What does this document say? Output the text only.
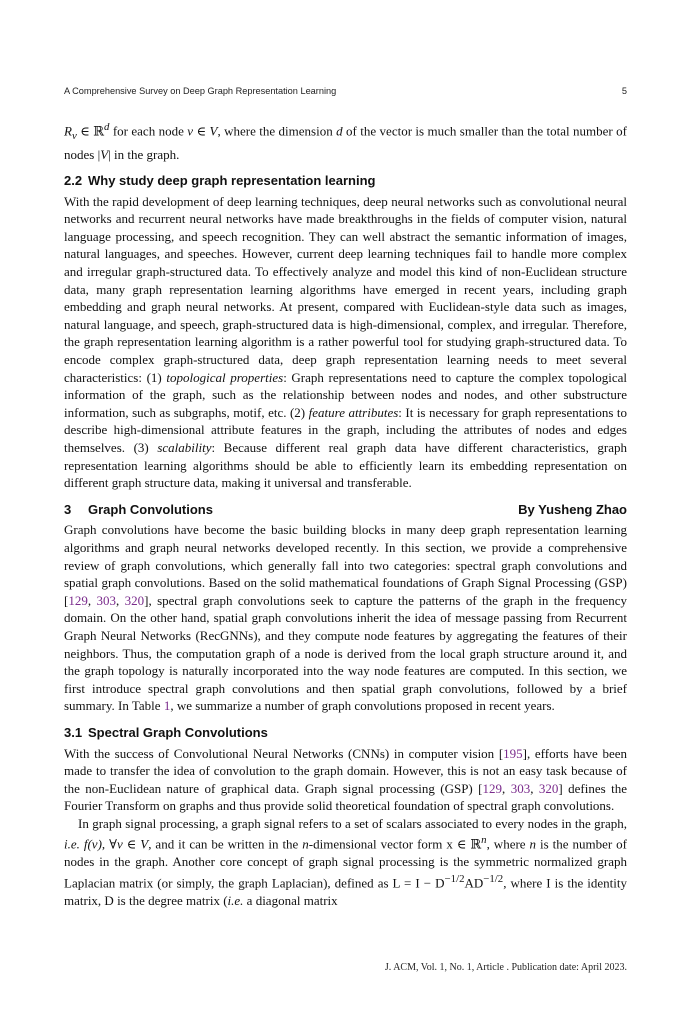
A Comprehensive Survey on Deep Graph Representation Learning	5

$R_v$ ∈ ℝ$^d$ for each node v ∈ V, where the dimension d of the vector is much smaller than the total number of nodes |V| in the graph.

2.2 Why study deep graph representation learning

With the rapid development of deep learning techniques, deep neural networks such as convolutional neural networks and recurrent neural networks have made breakthroughs in the fields of computer vision, natural language processing, and speech recognition. They can well abstract the semantic information of images, natural languages, and speeches. However, current deep learning techniques fail to handle more complex and irregular graph-structured data. To effectively analyze and model this kind of non-Euclidean structure data, many graph representation learning algorithms have emerged in recent years, including graph embedding and graph neural networks. At present, compared with Euclidean-style data such as images, natural language, and speech, graph-structured data is high-dimensional, complex, and irregular. Therefore, the graph representation learning algorithm is a rather powerful tool for studying graph-structured data. To encode complex graph-structured data, deep graph representation learning needs to meet several characteristics: (1) topological properties: Graph representations need to capture the complex topological information of the graph, such as the relationship between nodes and nodes, and other substructure information, such as subgraphs, motif, etc. (2) feature attributes: It is necessary for graph representations to describe high-dimensional attribute features in the graph, including the attributes of nodes and edges themselves. (3) scalability: Because different real graph data have different characteristics, graph representation learning algorithms should be able to efficiently learn its embedding representation on different graph structure data, making it universal and transferable.

3 Graph Convolutions	By Yusheng Zhao

Graph convolutions have become the basic building blocks in many deep graph representation learning algorithms and graph neural networks developed recently. In this section, we provide a comprehensive review of graph convolutions, which generally fall into two categories: spectral graph convolutions and spatial graph convolutions. Based on the solid mathematical foundations of Graph Signal Processing (GSP)[129, 303, 320], spectral graph convolutions seek to capture the patterns of the graph in the frequency domain. On the other hand, spatial graph convolutions inherit the idea of message passing from Recurrent Graph Neural Networks (RecGNNs), and they compute node features by aggregating the features of their neighbors. Thus, the computation graph of a node is derived from the local graph structure around it, and the graph topology is naturally incorporated into the way node features are computed. In this section, we first introduce spectral graph convolutions and then spatial graph convolutions, followed by a brief summary. In Table 1, we summarize a number of graph convolutions proposed in recent years.

3.1 Spectral Graph Convolutions

With the success of Convolutional Neural Networks (CNNs) in computer vision [195], efforts have been made to transfer the idea of convolution to the graph domain. However, this is not an easy task because of the non-Euclidean nature of graphical data. Graph signal processing (GSP) [129, 303, 320] defines the Fourier Transform on graphs and thus provide solid theoretical foundation of spectral graph convolutions.

In graph signal processing, a graph signal refers to a set of scalars associated to every nodes in the graph, i.e. f(v), ∀v ∈ V, and it can be written in the n-dimensional vector form x ∈ ℝ$^n$, where n is the number of nodes in the graph. Another core concept of graph signal processing is the symmetric normalized graph Laplacian matrix (or simply, the graph Laplacian), defined as $L = I - D^{-1/2}AD^{-1/2}$, where I is the identity matrix, D is the degree matrix (i.e. a diagonal matrix

J. ACM, Vol. 1, No. 1, Article . Publication date: April 2023.
